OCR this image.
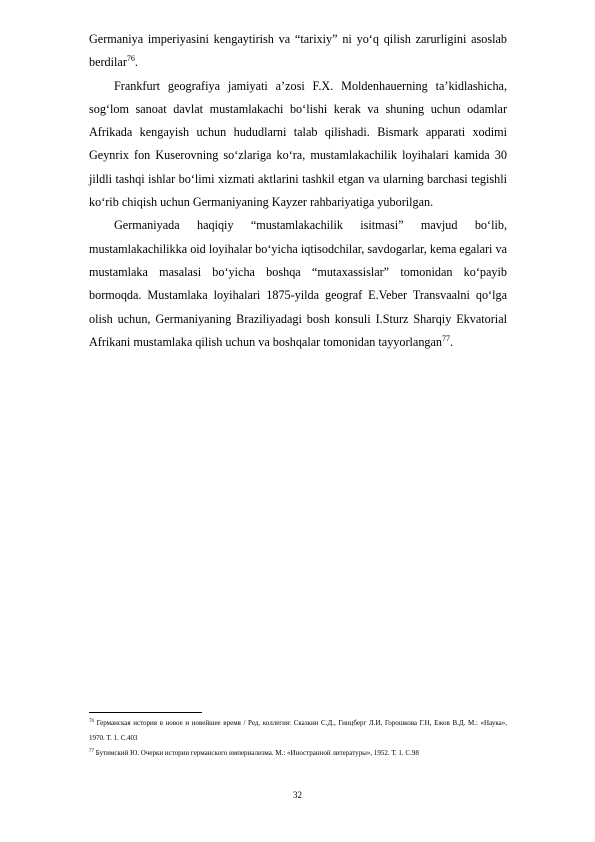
Germaniya imperiyasini kengaytirish va “tarixiy” ni yo‘q qilish zarurligini asoslab berdilar$^{76}$.

Frankfurt geografiya jamiyati a’zosi F.X. Moldenhauerning ta’kidlashicha, sog‘lom sanoat davlat mustamlakachi bo‘lishi kerak va shuning uchun odamlar Afrikada kengayish uchun hududlarni talab qilishadi. Bismark apparati xodimi Geynrix fon Kuserovning so‘zlariga ko‘ra, mustamlakachilik loyihalari kamida 30 jildli tashqi ishlar bo‘limi xizmati aktlarini tashkil etgan va ularning barchasi tegishli ko‘rib chiqish uchun Germaniyaning Kayzer rahbariyatiga yuborilgan.

Germaniyada haqiqiy “mustamlakachilik isitmasi” mavjud bo‘lib, mustamlakachilikka oid loyihalar bo‘yicha iqtisodchilar, savdogarlar, kema egalari va mustamlaka masalasi bo‘yicha boshqa “mutaxassislar” tomonidan ko‘payib bormoqda. Mustamlaka loyihalari 1875-yilda geograf E.Veber Transvaalni qo‘lga olish uchun, Germaniyaning Braziliyadagi bosh konsuli I.Sturz Sharqiy Ekvatorial Afrikani mustamlaka qilish uchun va boshqalar tomonidan tayyorlangan$^{77}$.

$^{76}$ Германская история в новое и новейшее время / Ред. коллегия: Сказкин С.Д., Гинцберг Л.И, Горошкова Г.Н, Ежов В.Д. М.: «Наука», 1970. Т. 1. С.403

$^{77}$ Бутимский Ю. Очерки истории германского империализма. М.: «Иностранной литературы», 1952. Т. 1. С.98

32
